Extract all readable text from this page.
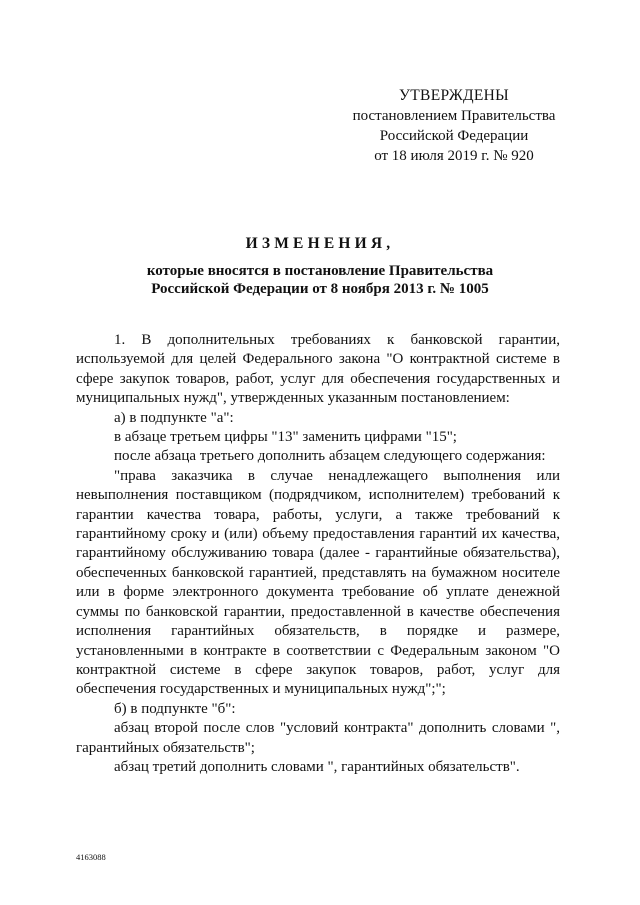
УТВЕРЖДЕНЫ
постановлением Правительства
Российской Федерации
от 18 июля 2019 г. № 920
ИЗМЕНЕНИЯ,
которые вносятся в постановление Правительства
Российской Федерации от 8 ноября 2013 г. № 1005

1. В дополнительных требованиях к банковской гарантии, используемой для целей Федерального закона "О контрактной системе в сфере закупок товаров, работ, услуг для обеспечения государственных и муниципальных нужд", утвержденных указанным постановлением:

а) в подпункте "а":

в абзаце третьем цифры "13" заменить цифрами "15";

после абзаца третьего дополнить абзацем следующего содержания:

"права заказчика в случае ненадлежащего выполнения или невыполнения поставщиком (подрядчиком, исполнителем) требований к гарантии качества товара, работы, услуги, а также требований к гарантийному сроку и (или) объему предоставления гарантий их качества, гарантийному обслуживанию товара (далее - гарантийные обязательства), обеспеченных банковской гарантией, представлять на бумажном носителе или в форме электронного документа требование об уплате денежной суммы по банковской гарантии, предоставленной в качестве обеспечения исполнения гарантийных обязательств, в порядке и размере, установленными в контракте в соответствии с Федеральным законом "О контрактной системе в сфере закупок товаров, работ, услуг для обеспечения государственных и муниципальных нужд";";

б) в подпункте "б":

абзац второй после слов "условий контракта" дополнить словами ", гарантийных обязательств";

абзац третий дополнить словами ", гарантийных обязательств".

4163088
